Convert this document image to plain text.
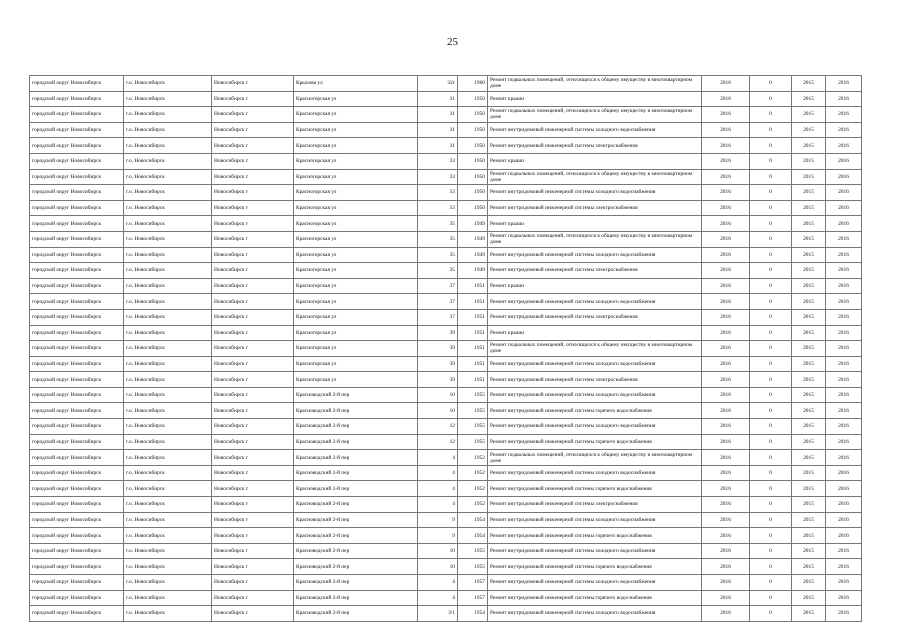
25
городской округ Новосибирск	г.о. Новосибирск	Новосибирск г	Крылова ул	32г	1960	Ремонт подвальных помещений, относящихся к общему имуществу в многоквартирном доме	2016	0	2015	2016
городской округ Новосибирск	г.о. Новосибирск	Новосибирск г	Красногорская ул	31	1950	Ремонт крыши	2016	0	2015	2016
городской округ Новосибирск	г.о. Новосибирск	Новосибирск г	Красногорская ул	31	1950	Ремонт подвальных помещений, относящихся к общему имуществу в многоквартирном доме	2016	0	2015	2016
городской округ Новосибирск	г.о. Новосибирск	Новосибирск г	Красногорская ул	31	1950	Ремонт внутридомовой инженерной системы холодного водоснабжения	2016	0	2015	2016
городской округ Новосибирск	г.о. Новосибирск	Новосибирск г	Красногорская ул	31	1950	Ремонт внутридомовой инженерной системы электроснабжения	2016	0	2015	2016
городской округ Новосибирск	г.о. Новосибирск	Новосибирск г	Красногорская ул	33	1950	Ремонт крыши	2016	0	2015	2016
городской округ Новосибирск	г.о. Новосибирск	Новосибирск г	Красногорская ул	33	1950	Ремонт подвальных помещений, относящихся к общему имуществу в многоквартирном доме	2016	0	2015	2016
городской округ Новосибирск	г.о. Новосибирск	Новосибирск г	Красногорская ул	33	1950	Ремонт внутридомовой инженерной системы холодного водоснабжения	2016	0	2015	2016
городской округ Новосибирск	г.о. Новосибирск	Новосибирск г	Красногорская ул	33	1950	Ремонт внутридомовой инженерной системы электроснабжения	2016	0	2015	2016
городской округ Новосибирск	г.о. Новосибирск	Новосибирск г	Красногорская ул	35	1949	Ремонт крыши	2016	0	2015	2016
городской округ Новосибирск	г.о. Новосибирск	Новосибирск г	Красногорская ул	35	1949	Ремонт подвальных помещений, относящихся к общему имуществу в многоквартирном доме	2016	0	2015	2016
городской округ Новосибирск	г.о. Новосибирск	Новосибирск г	Красногорская ул	35	1949	Ремонт внутридомовой инженерной системы холодного водоснабжения	2016	0	2015	2016
городской округ Новосибирск	г.о. Новосибирск	Новосибирск г	Красногорская ул	35	1949	Ремонт внутридомовой инженерной системы электроснабжения	2016	0	2015	2016
городской округ Новосибирск	г.о. Новосибирск	Новосибирск г	Красногорская ул	37	1951	Ремонт крыши	2016	0	2015	2016
городской округ Новосибирск	г.о. Новосибирск	Новосибирск г	Красногорская ул	37	1951	Ремонт внутридомовой инженерной системы холодного водоснабжения	2016	0	2015	2016
городской округ Новосибирск	г.о. Новосибирск	Новосибирск г	Красногорская ул	37	1951	Ремонт внутридомовой инженерной системы электроснабжения	2016	0	2015	2016
городской округ Новосибирск	г.о. Новосибирск	Новосибирск г	Красногорская ул	39	1951	Ремонт крыши	2016	0	2015	2016
городской округ Новосибирск	г.о. Новосибирск	Новосибирск г	Красногорская ул	39	1951	Ремонт подвальных помещений, относящихся к общему имуществу в многоквартирном доме	2016	0	2015	2016
городской округ Новосибирск	г.о. Новосибирск	Новосибирск г	Красногорская ул	39	1951	Ремонт внутридомовой инженерной системы холодного водоснабжения	2016	0	2015	2016
городской округ Новосибирск	г.о. Новосибирск	Новосибирск г	Красногорская ул	39	1951	Ремонт внутридомовой инженерной системы электроснабжения	2016	0	2015	2016
городской округ Новосибирск	г.о. Новосибирск	Новосибирск г	Красноводский 2-й пер	10	1955	Ремонт внутридомовой инженерной системы холодного водоснабжения	2016	0	2015	2016
городской округ Новосибирск	г.о. Новосибирск	Новосибирск г	Красноводский 2-й пер	10	1955	Ремонт внутридомовой инженерной системы горячего водоснабжения	2016	0	2015	2016
городской округ Новосибирск	г.о. Новосибирск	Новосибирск г	Красноводский 2-й пер	12	1955	Ремонт внутридомовой инженерной системы холодного водоснабжения	2016	0	2015	2016
городской округ Новосибирск	г.о. Новосибирск	Новосибирск г	Красноводский 2-й пер	12	1955	Ремонт внутридомовой инженерной системы горячего водоснабжения	2016	0	2015	2016
городской округ Новосибирск	г.о. Новосибирск	Новосибирск г	Красноводский 2-й пер	4	1952	Ремонт подвальных помещений, относящихся к общему имуществу в многоквартирном доме	2016	0	2015	2016
городской округ Новосибирск	г.о. Новосибирск	Новосибирск г	Красноводский 2-й пер	4	1952	Ремонт внутридомовой инженерной системы холодного водоснабжения	2016	0	2015	2016
городской округ Новосибирск	г.о. Новосибирск	Новосибирск г	Красноводский 2-й пер	4	1952	Ремонт внутридомовой инженерной системы горячего водоснабжения	2016	0	2015	2016
городской округ Новосибирск	г.о. Новосибирск	Новосибирск г	Красноводский 2-й пер	4	1952	Ремонт внутридомовой инженерной системы электроснабжения	2016	0	2015	2016
городской округ Новосибирск	г.о. Новосибирск	Новосибирск г	Красноводский 2-й пер	9	1954	Ремонт внутридомовой инженерной системы холодного водоснабжения	2016	0	2015	2016
городской округ Новосибирск	г.о. Новосибирск	Новосибирск г	Красноводский 2-й пер	9	1954	Ремонт внутридомовой инженерной системы горячего водоснабжения	2016	0	2015	2016
городской округ Новосибирск	г.о. Новосибирск	Новосибирск г	Красноводский 2-й пер	10	1955	Ремонт внутридомовой инженерной системы холодного водоснабжения	2016	0	2015	2016
городской округ Новосибирск	г.о. Новосибирск	Новосибирск г	Красноводский 2-й пер	10	1955	Ремонт внутридомовой инженерной системы горячего водоснабжения	2016	0	2015	2016
городской округ Новосибирск	г.о. Новосибирск	Новосибирск г	Красноводский 2-й пер	4	1957	Ремонт внутридомовой инженерной системы холодного водоснабжения	2016	0	2015	2016
городской округ Новосибирск	г.о. Новосибирск	Новосибирск г	Красноводский 2-й пер	4	1957	Ремонт внутридомовой инженерной системы горячего водоснабжения	2016	0	2015	2016
городской округ Новосибирск	г.о. Новосибирск	Новосибирск г	Красноводский 2-й пер	3/1	1954	Ремонт внутридомовой инженерной системы холодного водоснабжения	2016	0	2015	2016
